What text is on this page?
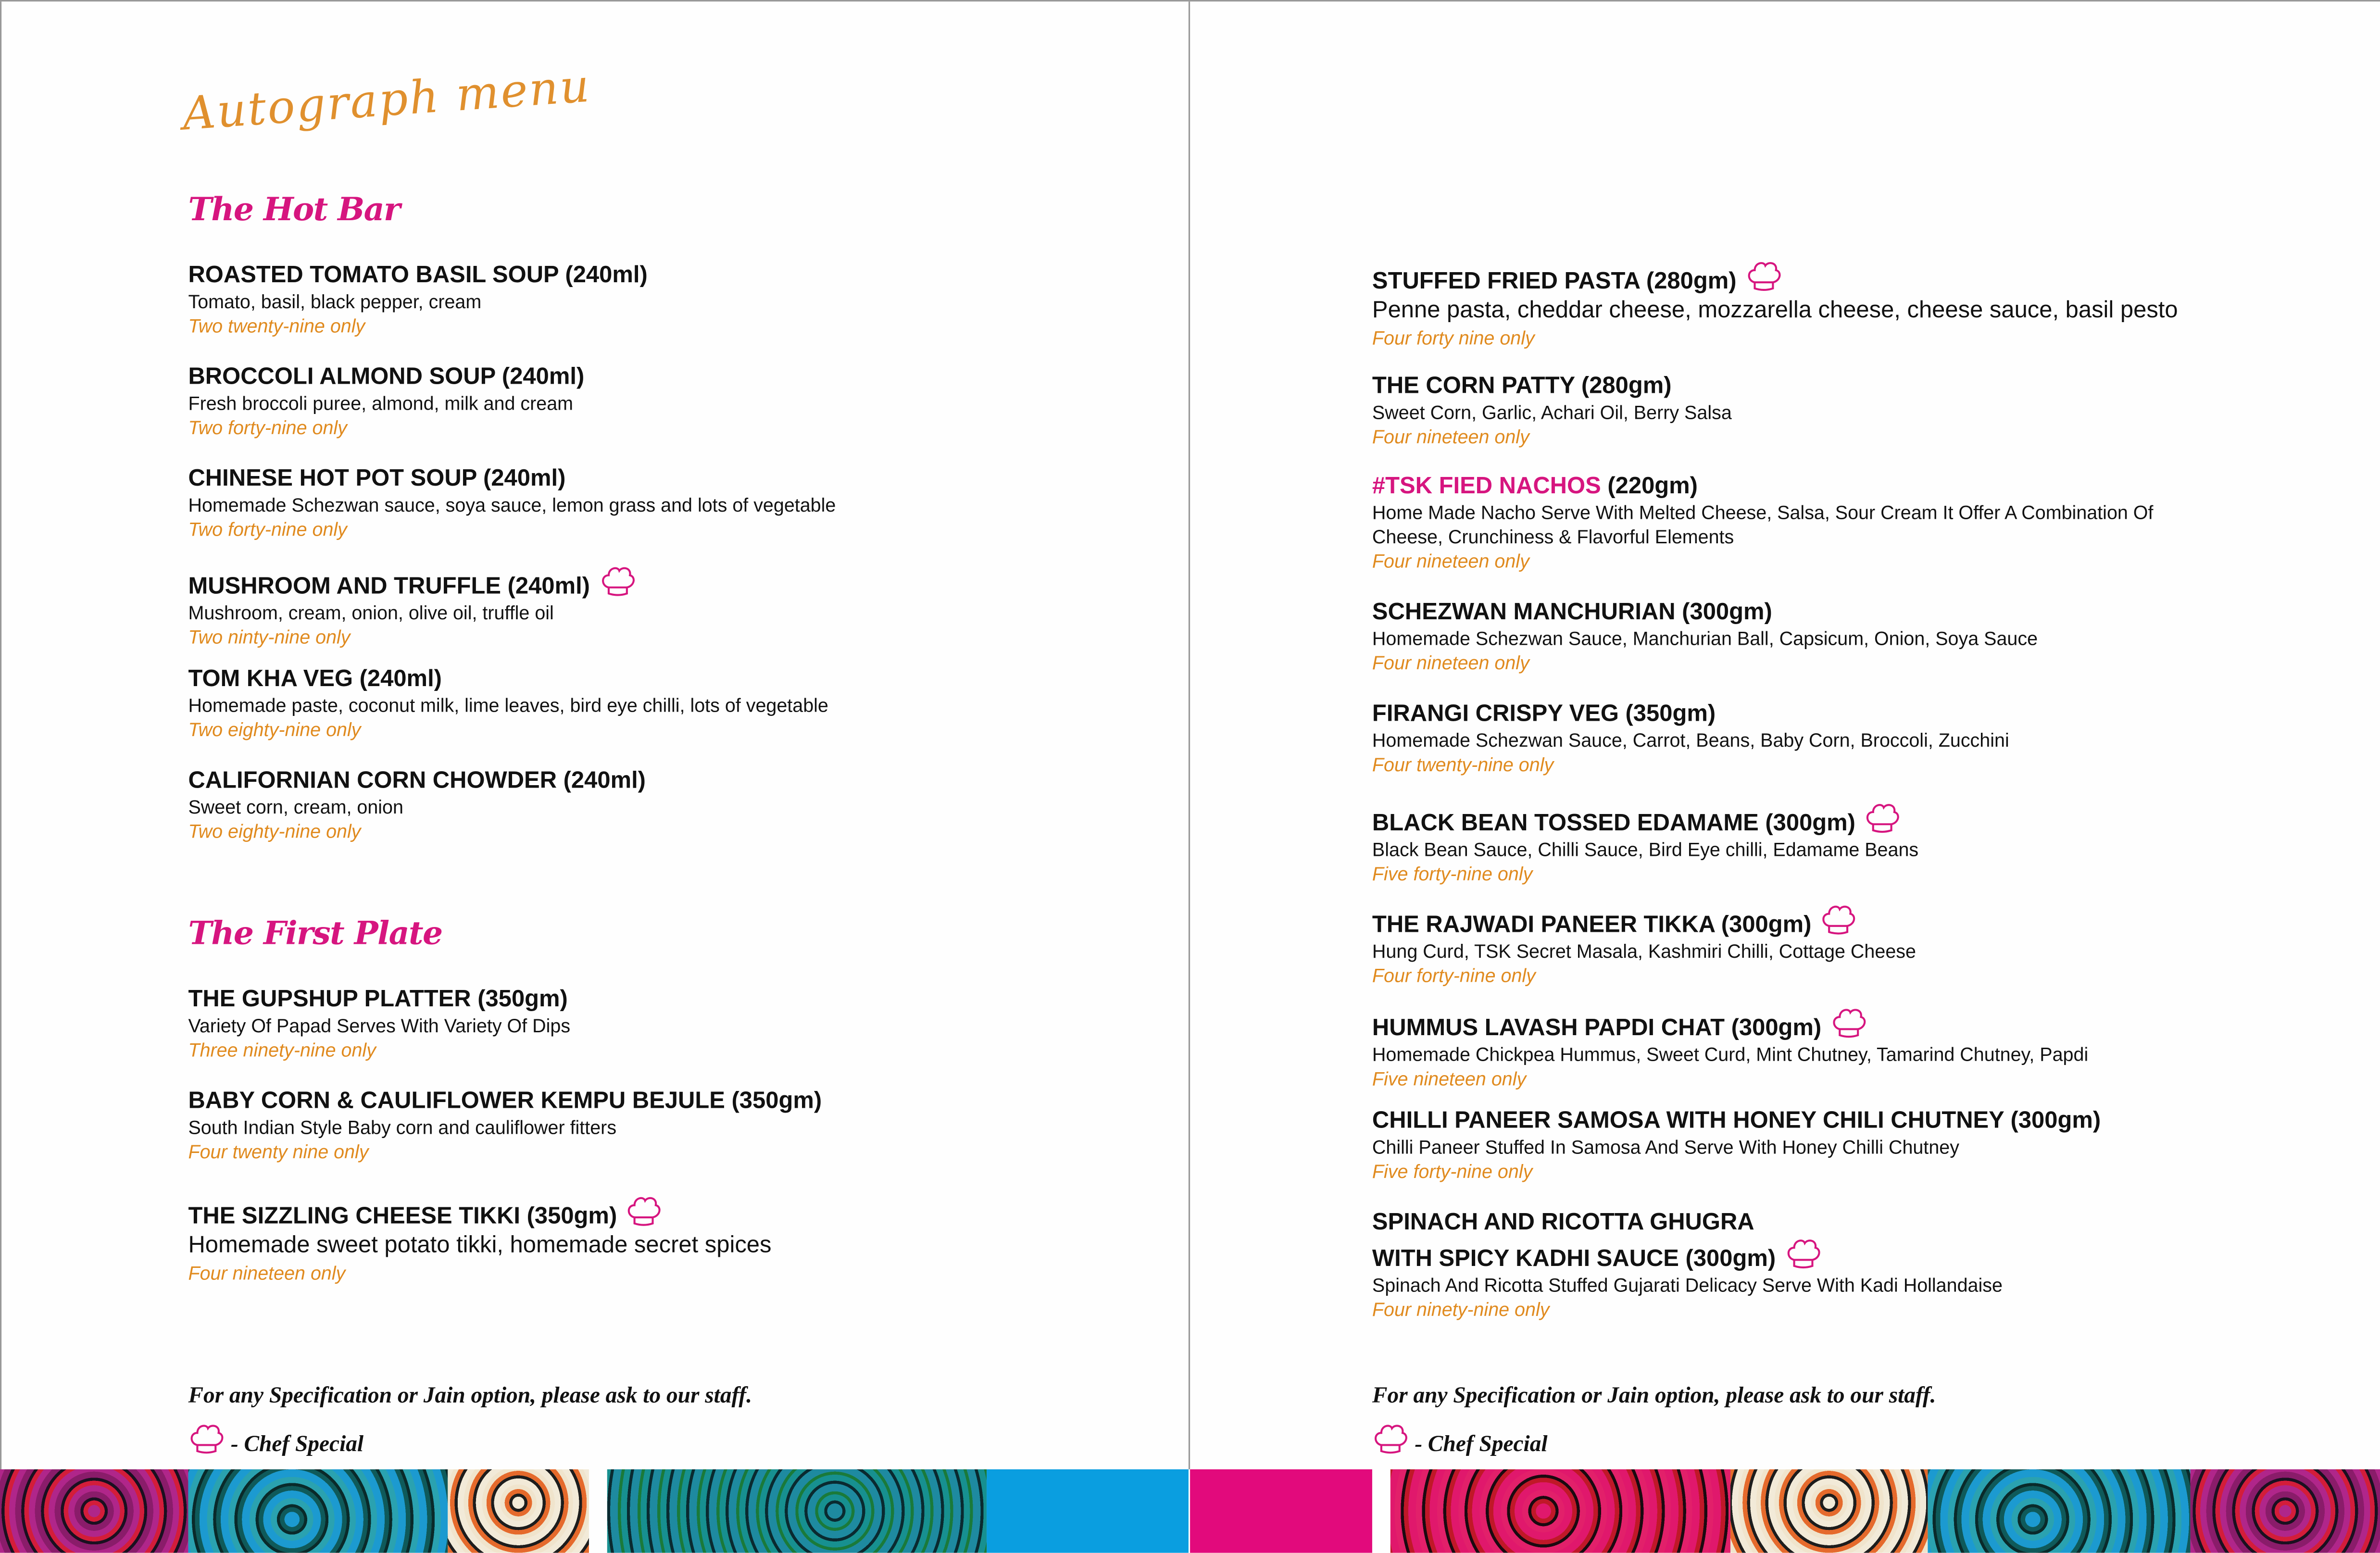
Autograph menu
The Hot Bar
The First Plate
ROASTED TOMATO BASIL SOUP (240ml)
Tomato, basil, black pepper, cream
Two twenty-nine only
BROCCOLI ALMOND SOUP (240ml)
Fresh broccoli puree, almond, milk and cream
Two forty-nine only
CHINESE HOT POT SOUP (240ml)
Homemade Schezwan sauce, soya sauce, lemon grass and lots of vegetable
Two forty-nine only
MUSHROOM AND TRUFFLE (240ml)
Mushroom, cream, onion, olive oil, truffle oil
Two ninty-nine only
TOM KHA VEG (240ml)
Homemade paste, coconut milk, lime leaves, bird eye chilli, lots of vegetable
Two eighty-nine only
CALIFORNIAN CORN CHOWDER (240ml)
Sweet corn, cream, onion
Two eighty-nine only
THE GUPSHUP PLATTER (350gm)
Variety Of Papad Serves With Variety Of Dips
Three ninety-nine only
BABY CORN & CAULIFLOWER KEMPU BEJULE (350gm)
South Indian Style Baby corn and cauliflower fitters
Four twenty nine only
THE SIZZLING CHEESE TIKKI (350gm)
Homemade sweet potato tikki, homemade secret spices
Four nineteen only
STUFFED FRIED PASTA (280gm)
Penne pasta, cheddar cheese, mozzarella cheese, cheese sauce, basil pesto
Four forty nine only
THE CORN PATTY (280gm)
Sweet Corn, Garlic, Achari Oil, Berry Salsa
Four nineteen only
#TSK FIED NACHOS (220gm)
Home Made Nacho Serve With Melted Cheese, Salsa, Sour Cream It Offer A Combination Of Cheese, Crunchiness & Flavorful Elements
Four nineteen only
SCHEZWAN MANCHURIAN (300gm)
Homemade Schezwan Sauce, Manchurian Ball, Capsicum, Onion, Soya Sauce
Four nineteen only
FIRANGI CRISPY VEG (350gm)
Homemade Schezwan Sauce, Carrot, Beans, Baby Corn, Broccoli, Zucchini
Four twenty-nine only
BLACK BEAN TOSSED EDAMAME (300gm)
Black Bean Sauce, Chilli Sauce, Bird Eye chilli, Edamame Beans
Five forty-nine only
THE RAJWADI PANEER TIKKA (300gm)
Hung Curd, TSK Secret Masala, Kashmiri Chilli, Cottage Cheese
Four forty-nine only
HUMMUS LAVASH PAPDI CHAT (300gm)
Homemade Chickpea Hummus, Sweet Curd, Mint Chutney, Tamarind Chutney, Papdi
Five nineteen only
CHILLI PANEER SAMOSA WITH HONEY CHILI CHUTNEY (300gm)
Chilli Paneer Stuffed In Samosa And Serve With Honey Chilli Chutney
Five forty-nine only
SPINACH AND RICOTTA GHUGRA
WITH SPICY KADHI SAUCE (300gm)
Spinach And Ricotta Stuffed Gujarati Delicacy Serve With Kadi Hollandaise
Four ninety-nine only
For any Specification or Jain option, please ask to our staff.
- Chef Special
For any Specification or Jain option, please ask to our staff.
- Chef Special
